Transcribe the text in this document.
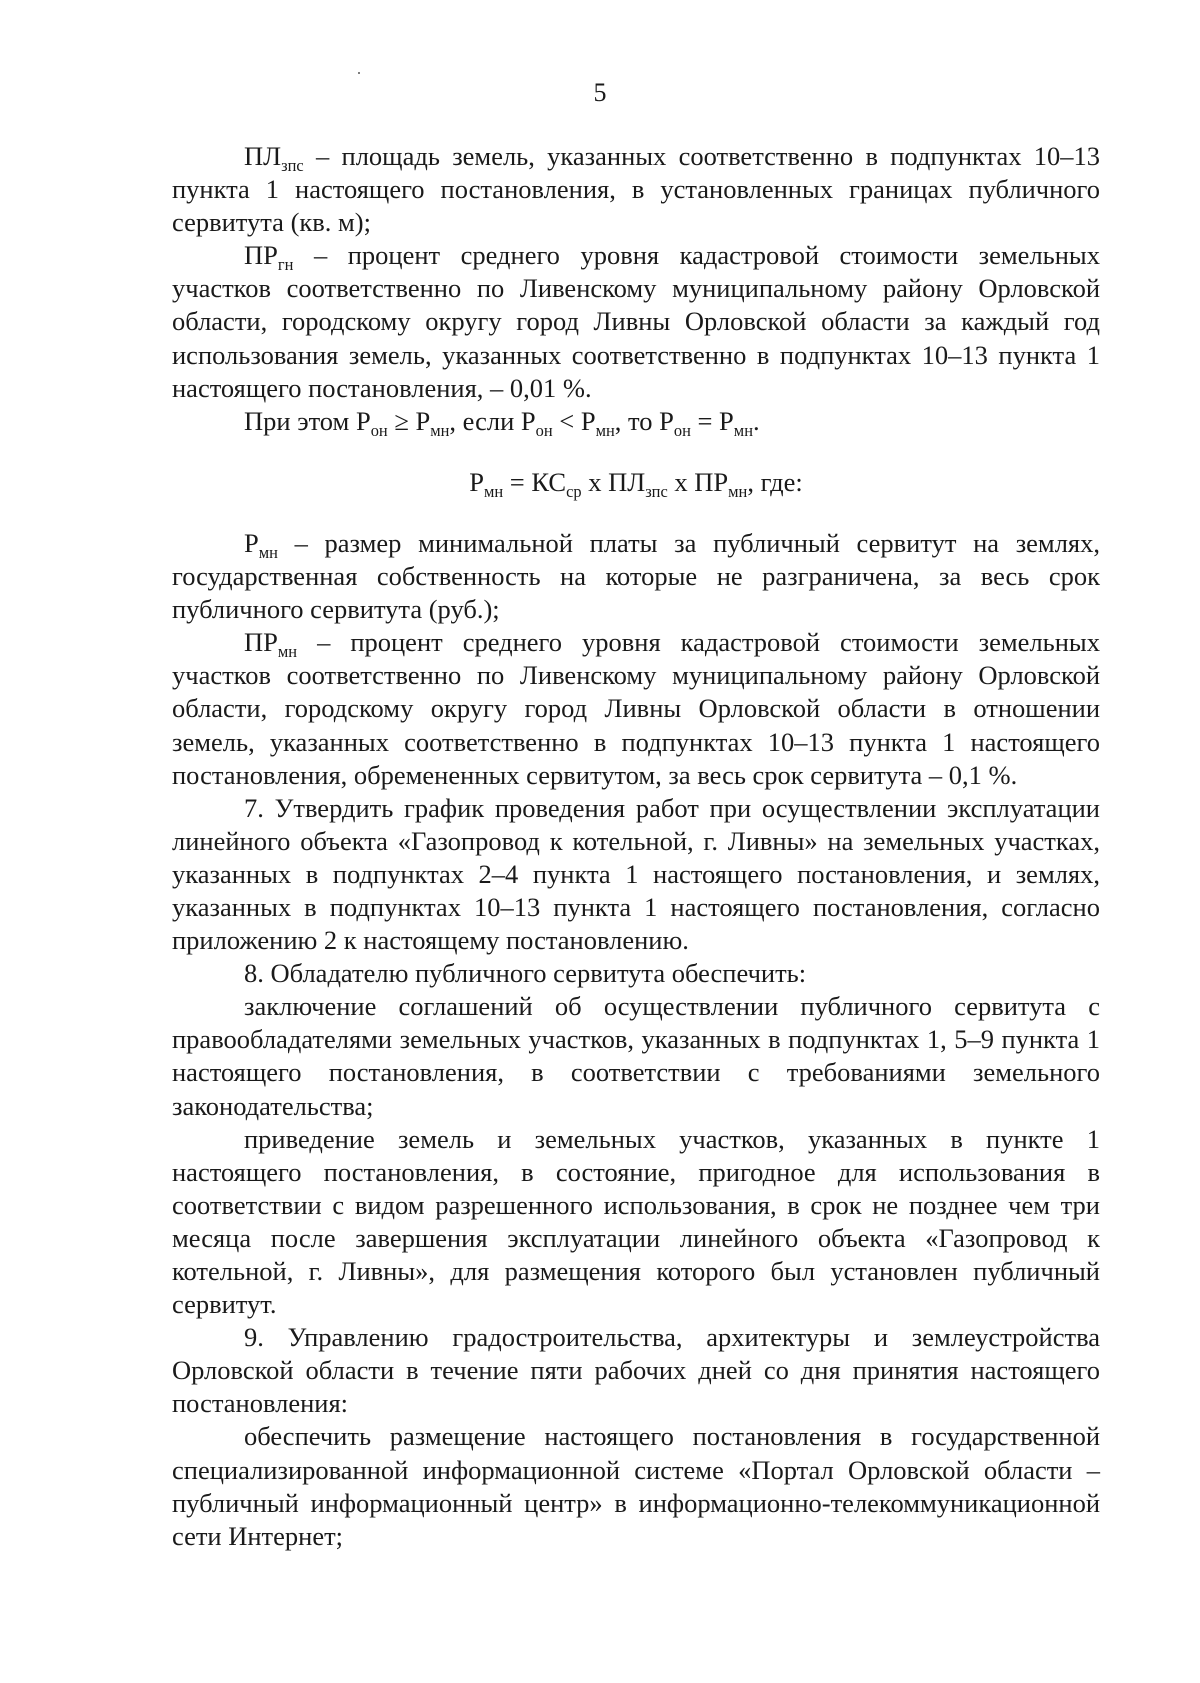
5

$ПЛ_{зпс}$ – площадь земель, указанных соответственно в подпунктах 10–13 пункта 1 настоящего постановления, в установленных границах публичного сервитута (кв. м);

$ПР_{гн}$ – процент среднего уровня кадастровой стоимости земельных участков соответственно по Ливенскому муниципальному району Орловской области, городскому округу город Ливны Орловской области за каждый год использования земель, указанных соответственно в подпунктах 10–13 пункта 1 настоящего постановления, – 0,01 %.

При этом $Р_{он} \ge Р_{мн}$, если $Р_{он} < Р_{мн}$, то $Р_{он} = Р_{мн}$.

$Р_{мн} = КС_{ср}$ х $ПЛ_{зпс}$ х $ПР_{мн}$, где:

$Р_{мн}$ – размер минимальной платы за публичный сервитут на землях, государственная собственность на которые не разграничена, за весь срок публичного сервитута (руб.);

$ПР_{мн}$ – процент среднего уровня кадастровой стоимости земельных участков соответственно по Ливенскому муниципальному району Орловской области, городскому округу город Ливны Орловской области в отношении земель, указанных соответственно в подпунктах 10–13 пункта 1 настоящего постановления, обремененных сервитутом, за весь срок сервитута – 0,1 %.

7. Утвердить график проведения работ при осуществлении эксплуатации линейного объекта «Газопровод к котельной, г. Ливны» на земельных участках, указанных в подпунктах 2–4 пункта 1 настоящего постановления, и землях, указанных в подпунктах 10–13 пункта 1 настоящего постановления, согласно приложению 2 к настоящему постановлению.

8. Обладателю публичного сервитута обеспечить:

заключение соглашений об осуществлении публичного сервитута с правообладателями земельных участков, указанных в подпунктах 1, 5–9 пункта 1 настоящего постановления, в соответствии с требованиями земельного законодательства;

приведение земель и земельных участков, указанных в пункте 1 настоящего постановления, в состояние, пригодное для использования в соответствии с видом разрешенного использования, в срок не позднее чем три месяца после завершения эксплуатации линейного объекта «Газопровод к котельной, г. Ливны», для размещения которого был установлен публичный сервитут.

9. Управлению градостроительства, архитектуры и землеустройства Орловской области в течение пяти рабочих дней со дня принятия настоящего постановления:

обеспечить размещение настоящего постановления в государственной специализированной информационной системе «Портал Орловской области – публичный информационный центр» в информационно-телекоммуникационной сети Интернет;
